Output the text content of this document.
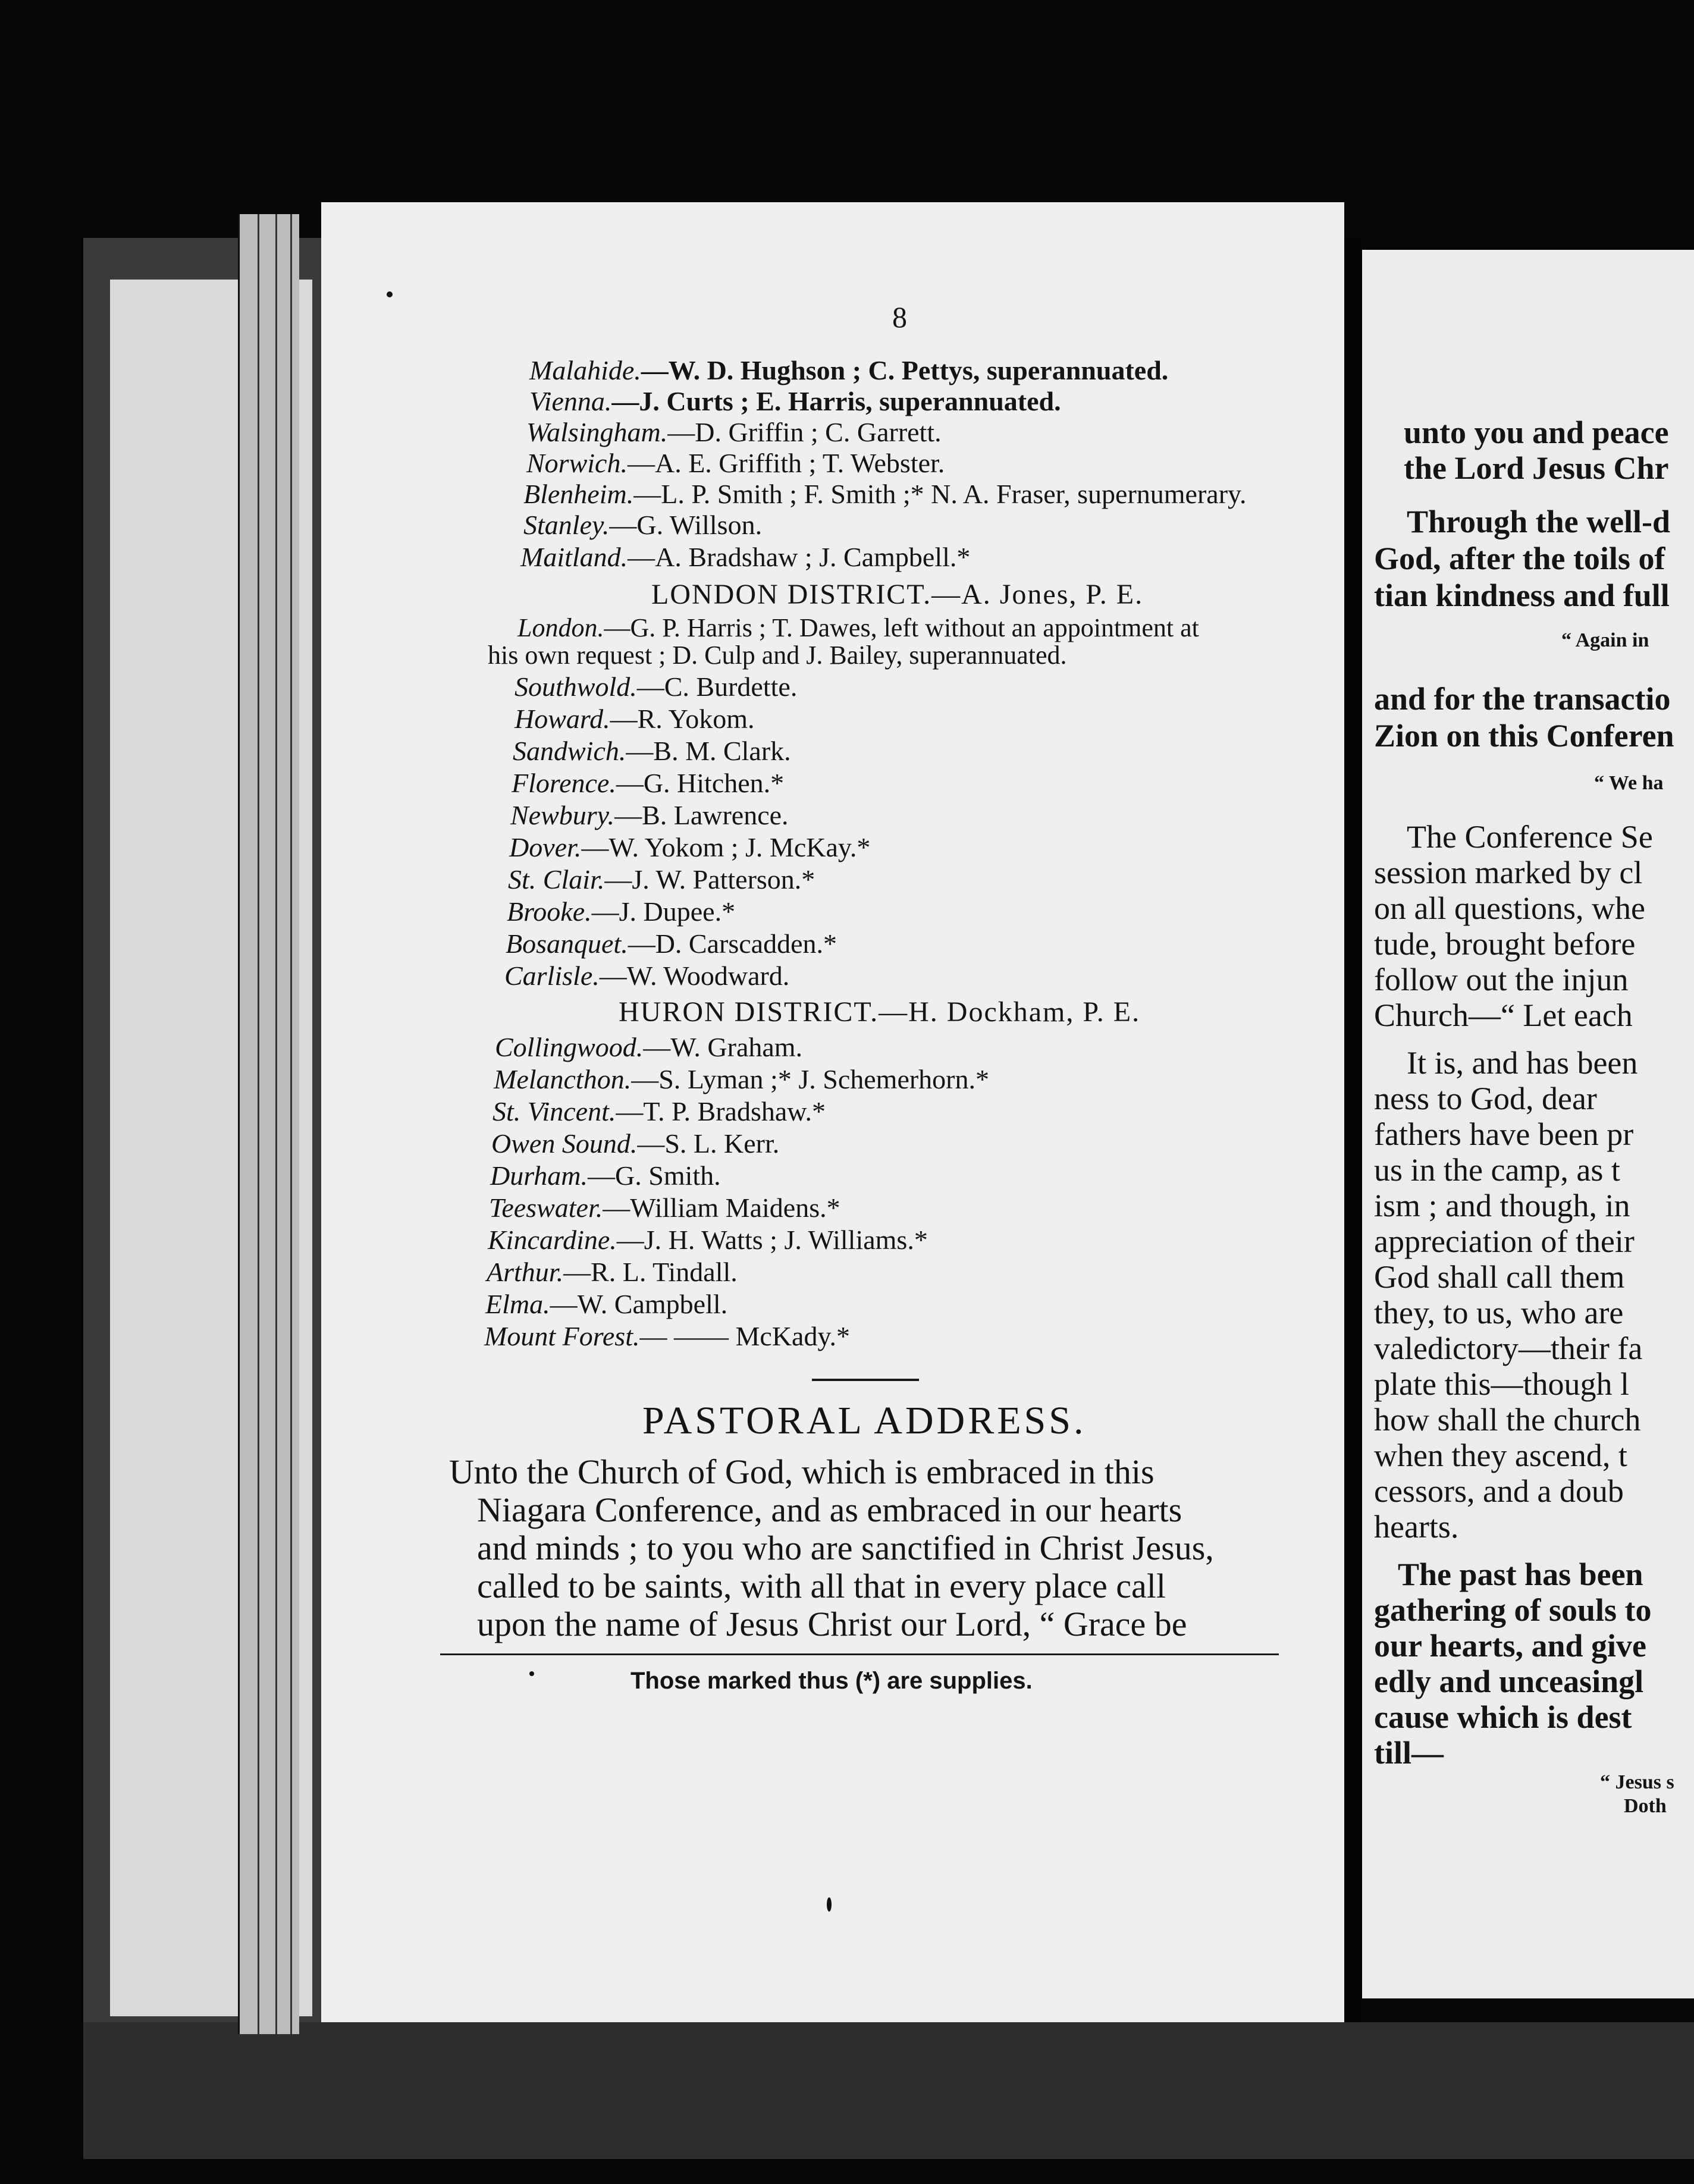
8
Malahide.—W. D. Hughson ; C. Pettys, superannuated.
Vienna.—J. Curts ; E. Harris, superannuated.
Walsingham.—D. Griffin ; C. Garrett.
Norwich.—A. E. Griffith ; T. Webster.
Blenheim.—L. P. Smith ; F. Smith ;* N. A. Fraser, supernumerary.
Stanley.—G. Willson.
Maitland.—A. Bradshaw ; J. Campbell.*
LONDON DISTRICT.—A. Jones, P. E.
London.—G. P. Harris ; T. Dawes, left without an appointment at
his own request ; D. Culp and J. Bailey, superannuated.
Southwold.—C. Burdette.
Howard.—R. Yokom.
Sandwich.—B. M. Clark.
Florence.—G. Hitchen.*
Newbury.—B. Lawrence.
Dover.—W. Yokom ; J. McKay.*
St. Clair.—J. W. Patterson.*
Brooke.—J. Dupee.*
Bosanquet.—D. Carscadden.*
Carlisle.—W. Woodward.
HURON DISTRICT.—H. Dockham, P. E.
Collingwood.—W. Graham.
Melancthon.—S. Lyman ;* J. Schemerhorn.*
St. Vincent.—T. P. Bradshaw.*
Owen Sound.—S. L. Kerr.
Durham.—G. Smith.
Teeswater.—William Maidens.*
Kincardine.—J. H. Watts ; J. Williams.*
Arthur.—R. L. Tindall.
Elma.—W. Campbell.
Mount Forest.— —— McKady.*
PASTORAL ADDRESS.
Unto the Church of God, which is embraced in this
Niagara Conference, and as embraced in our hearts
and minds ; to you who are sanctified in Christ Jesus,
called to be saints, with all that in every place call
upon the name of Jesus Christ our Lord, “ Grace be
Those marked thus (*) are supplies.
unto you and peace
the Lord Jesus Chr
Through the well-d
God, after the toils of
tian kindness and full
“ Again in
and for the transactio
Zion on this Conferen
“ We ha
The Conference Se
session marked by cl
on all questions, whe
tude, brought before
follow out the injun
Church—“ Let each
It is, and has been
ness to God, dear
fathers have been pr
us in the camp, as t
ism ; and though, in
appreciation of their
God shall call them
they, to us, who are
valedictory—their fa
plate this—though l
how shall the church
when they ascend, t
cessors, and a doub
hearts.
The past has been
gathering of souls to
our hearts, and give
edly and unceasingl
cause which is dest
till—
“ Jesus s
Doth
